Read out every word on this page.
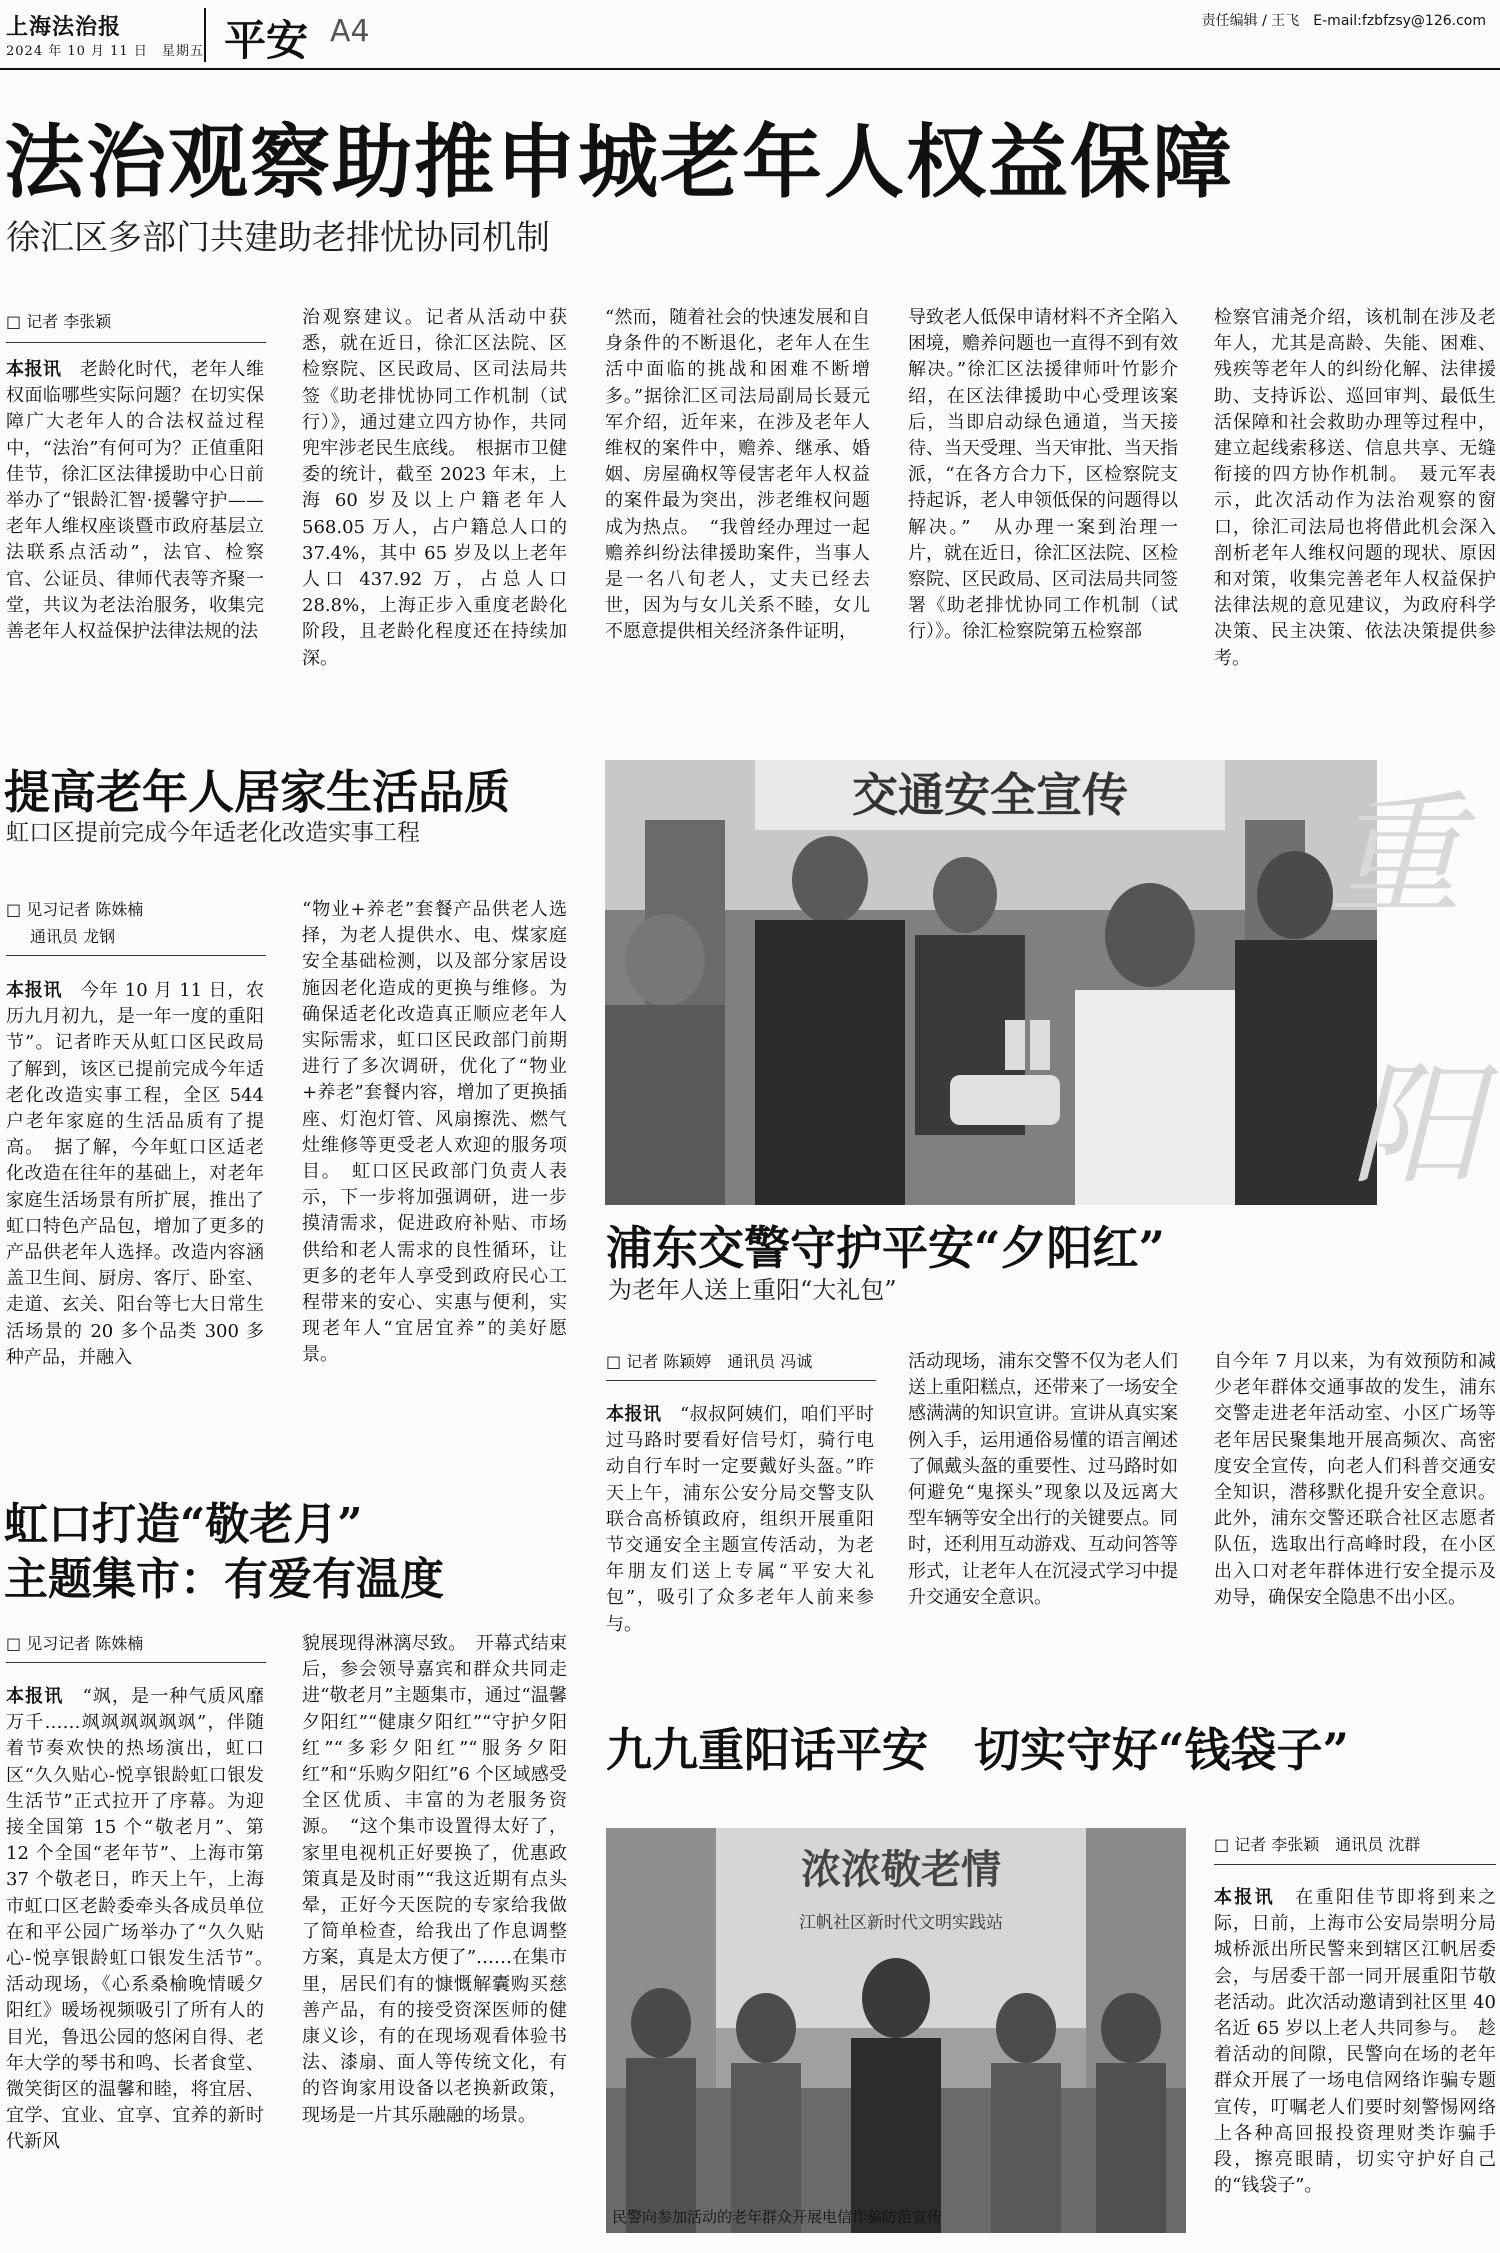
上海法治报
2024 年 10 月 11 日　星期五 平安 A4	责任编辑 / 王飞　E-mail:fzbfzsy@126.com
法治观察助推申城老年人权益保障
徐汇区多部门共建助老排忧协同机制
□ 记者 李张颖
本报讯　 老龄化时代，老年人维权面临哪些实际问题？在切实保障广大老年人的合法权益过程中，“法治”有何可为？正值重阳佳节，徐汇区法律援助中心日前举办了“银龄汇智·援馨守护——老年人维权座谈暨市政府基层立法联系点活动”，法官、检察官、公证员、律师代表等齐聚一堂，共议为老法治服务，收集完善老年人权益保护法律法规的法
治观察建议。记者从活动中获悉，就在近日，徐汇区法院、区检察院、区民政局、区司法局共签《助老排忧协同工作机制（试行）》，通过建立四方协作，共同兜牢涉老民生底线。　根据市卫健委的统计，截至 2023 年末，上海 60 岁及以上户籍老年人 568.05 万人，占户籍总人口的 37.4%，其中 65 岁及以上老年人口 437.92 万，占总人口 28.8%，上海正步入重度老龄化阶段，且老龄化程度还在持续加深。
“然而，随着社会的快速发展和自身条件的不断退化，老年人在生活中面临的挑战和困难不断增多。”据徐汇区司法局副局长聂元军介绍，近年来，在涉及老年人维权的案件中，赡养、继承、婚姻、房屋确权等侵害老年人权益的案件最为突出，涉老维权问题成为热点。　“我曾经办理过一起赡养纠纷法律援助案件，当事人是一名八旬老人，丈夫已经去世，因为与女儿关系不睦，女儿不愿意提供相关经济条件证明，
导致老人低保申请材料不齐全陷入困境，赡养问题也一直得不到有效解决。”徐汇区法援律师叶竹影介绍，在区法律援助中心受理该案后，当即启动绿色通道，当天接待、当天受理、当天审批、当天指派，“在各方合力下，区检察院支持起诉，老人申领低保的问题得以解决。”　从办理一案到治理一片，就在近日，徐汇区法院、区检察院、区民政局、区司法局共同签署《助老排忧协同工作机制（试行）》。徐汇检察院第五检察部
检察官浦尧介绍，该机制在涉及老年人，尤其是高龄、失能、困难、残疾等老年人的纠纷化解、法律援助、支持诉讼、巡回审判、最低生活保障和社会救助办理等过程中，建立起线索移送、信息共享、无缝衔接的四方协作机制。　聂元军表示，此次活动作为法治观察的窗口，徐汇司法局也将借此机会深入剖析老年人维权问题的现状、原因和对策，收集完善老年人权益保护法律法规的意见建议，为政府科学决策、民主决策、依法决策提供参考。
提高老年人居家生活品质
虹口区提前完成今年适老化改造实事工程
□ 见习记者 陈姝楠
通讯员 龙钢
本报讯　 今年 10 月 11 日，农历九月初九，是一年一度的重阳节”。记者昨天从虹口区民政局了解到，该区已提前完成今年适老化改造实事工程，全区 544 户老年家庭的生活品质有了提高。　据了解，今年虹口区适老化改造在往年的基础上，对老年家庭生活场景有所扩展，推出了虹口特色产品包，增加了更多的产品供老年人选择。改造内容涵盖卫生间、厨房、客厅、卧室、走道、玄关、阳台等七大日常生活场景的 20 多个品类 300 多种产品，并融入
“物业+养老”套餐产品供老人选择，为老人提供水、电、煤家庭安全基础检测，以及部分家居设施因老化造成的更换与维修。为确保适老化改造真正顺应老年人实际需求，虹口区民政部门前期进行了多次调研，优化了“物业+养老”套餐内容，增加了更换插座、灯泡灯管、风扇擦洗、燃气灶维修等更受老人欢迎的服务项目。　虹口区民政部门负责人表示，下一步将加强调研，进一步摸清需求，促进政府补贴、市场供给和老人需求的良性循环，让更多的老年人享受到政府民心工程带来的安心、实惠与便利，实现老年人“宜居宜养”的美好愿景。
虹口打造“敬老月”
主题集市：有爱有温度
□ 见习记者 陈姝楠
本报讯　 “飒，是一种气质风靡万千……飒飒飒飒飒飒”，伴随着节奏欢快的热场演出，虹口区“久久贴心-悦享银龄虹口银发生活节”正式拉开了序幕。为迎接全国第 15 个“敬老月”、第 12 个全国“老年节”、上海市第 37 个敬老日，昨天上午，上海市虹口区老龄委牵头各成员单位在和平公园广场举办了“久久贴心-悦享银龄虹口银发生活节”。　活动现场，《心系桑榆晚情暖夕阳红》暖场视频吸引了所有人的目光，鲁迅公园的悠闲自得、老年大学的琴书和鸣、长者食堂、微笑街区的温馨和睦，将宜居、宜学、宜业、宜享、宜养的新时代新风
貌展现得淋漓尽致。　开幕式结束后，参会领导嘉宾和群众共同走进“敬老月”主题集市，通过“温馨夕阳红”“健康夕阳红”“守护夕阳红”“多彩夕阳红”“服务夕阳红”和“乐购夕阳红”6 个区域感受全区优质、丰富的为老服务资源。　“这个集市设置得太好了，家里电视机正好要换了，优惠政策真是及时雨”“我这近期有点头晕，正好今天医院的专家给我做了简单检查，给我出了作息调整方案，真是太方便了”……在集市里，居民们有的慷慨解囊购买慈善产品，有的接受资深医师的健康义诊，有的在现场观看体验书法、漆扇、面人等传统文化，有的咨询家用设备以老换新政策，现场是一片其乐融融的场景。
交通安全宣传	重
阳
浦东交警守护平安“夕阳红”
为老年人送上重阳“大礼包”
□ 记者 陈颖婷　通讯员 冯诚
本报讯　 “叔叔阿姨们，咱们平时过马路时要看好信号灯，骑行电动自行车时一定要戴好头盔。”昨天上午，浦东公安分局交警支队联合高桥镇政府，组织开展重阳节交通安全主题宣传活动，为老年朋友们送上专属“平安大礼包”，吸引了众多老年人前来参与。
活动现场，浦东交警不仅为老人们送上重阳糕点，还带来了一场安全感满满的知识宣讲。宣讲从真实案例入手，运用通俗易懂的语言阐述了佩戴头盔的重要性、过马路时如何避免“鬼探头”现象以及远离大型车辆等安全出行的关键要点。同时，还利用互动游戏、互动问答等形式，让老年人在沉浸式学习中提升交通安全意识。
自今年 7 月以来，为有效预防和减少老年群体交通事故的发生，浦东交警走进老年活动室、小区广场等老年居民聚集地开展高频次、高密度安全宣传，向老人们科普交通安全知识，潜移默化提升安全意识。此外，浦东交警还联合社区志愿者队伍，选取出行高峰时段，在小区出入口对老年群体进行安全提示及劝导，确保安全隐患不出小区。
九九重阳话平安　切实守好“钱袋子”
浓浓敬老情
江帆社区新时代文明实践站
民警向参加活动的老年群众开展电信诈骗防范宣传
□ 记者 李张颖　通讯员 沈群
本报讯　 在重阳佳节即将到来之际，日前，上海市公安局崇明分局城桥派出所民警来到辖区江帆居委会，与居委干部一同开展重阳节敬老活动。此次活动邀请到社区里 40 名近 65 岁以上老人共同参与。　趁着活动的间隙，民警向在场的老年群众开展了一场电信网络诈骗专题宣传，叮嘱老人们要时刻警惕网络上各种高回报投资理财类诈骗手段，擦亮眼睛，切实守护好自己的“钱袋子”。
